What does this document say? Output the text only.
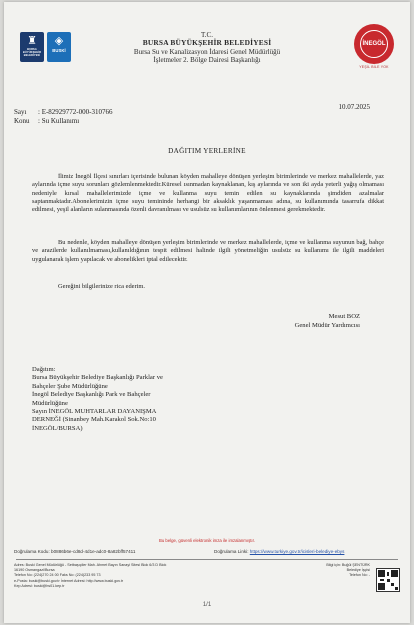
♜
BURSA BÜYÜKŞEHİR BELEDİYESİ
◈
BUSKİ
T.C.
BURSA BÜYÜKŞEHİR BELEDİYESİ
Bursa Su ve Kanalizasyon İdaresi Genel Müdürlüğü
İşletmeler 2. Bölge Dairesi Başkanlığı
İNEGÖL
YEŞİL BİLE YOK
Sayı : E-82929772-000-310766
Konu : Su Kullanımı
10.07.2025
DAĞITIM YERLERİNE

İlimiz İnegöl İlçesi sınırları içerisinde bulunan köyden mahalleye dönüşen yerleşim birimlerinde ve merkez mahallelerde, yaz aylarında içme suyu sorunları gözlemlenmektedir.Küresel ısınmadan kaynaklanan, kış aylarında ve son iki ayda yeterli yağış olmaması nedeniyle kırsal mahallelerimizde içme ve kullanma suyu temin edilen su kaynaklarında şimdiden azalmalar saptanmaktadır.Abonelerimizin içme suyu temininde herhangi bir aksaklık yaşanmaması adına, su kullanımında tasarrufa dikkat edilmesi, yeşil alanların sulanmasında özenli davranılması ve usulsüz su kullanımlarının önlenmesi gerekmektedir.

Bu nedenle, köyden mahalleye dönüşen yerleşim birimlerinde ve merkez mahallelerde, içme ve kullanma suyunun bağ, bahçe ve arazilerde kullanılmaması,kullanıldığının tespit edilmesi halinde ilgili yönetmeliğin usulsüz su kullanımı ile ilgili maddeleri uygulanarak işlem yapılacak ve abonelikleri iptal edilecektir.

Gereğini bilgilerinize rica ederim.

Mesut BOZ
Genel Müdür Yardımcısı
Dağıtım:
Bursa Büyükşehir Belediye Başkanlığı Parklar ve
Bahçeler Şube Müdürlüğüne
İnegöl Belediye Başkanlığı Park ve Bahçeler
Müdürlüğüne
Sayın İNEGÖL MUHTARLAR DAYANIŞMA
DERNEĞİ (Sinanbey Mah.Karakol Sok.No:10
İNEGÖL/BURSA)
Bu belge, güvenli elektronik imza ile imzalanmıştır.
Doğrulama Kodu: b0886b6e-cd8d-4d1e-adc0-8a82bff57411	Doğrulama Linki: https://www.turkiye.gov.tr/icisleri-belediye-ebys
Adres: Buski Genel Müdürlüğü - Setbaşıçiler Mah. Ahmet Bayın Sanayi Sitesi Blok 6/3 D Blok
16190 Osmangazi/Bursa
Telefon No: (224)270 24 00 Faks No: (224)233 95 73
e-Posta: buski@buski.gov.tr İnternet Adresi: http://www.buski.gov.tr
Kep Adresi: buski@hs01.kep.tr
Bilgi için: Buğül ŞENTÜRK
Belediye İşçisi
Telefon No: -
1/1
